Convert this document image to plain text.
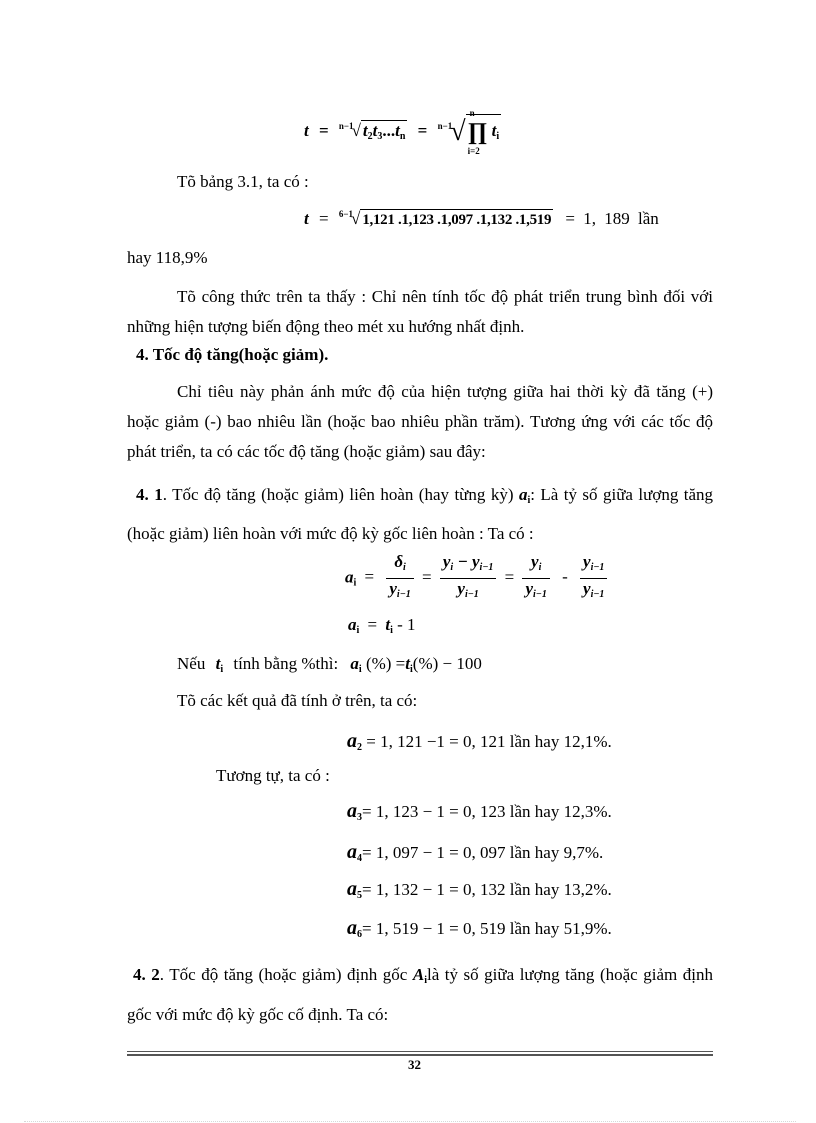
t = $^{n-1}$√ $t_2t_3...t_n = ^{n-1}√$
n
∏
i=2
$t_i$
Tõ bảng 3.1, ta có :
t = $^{6-1}$√ 1,121 .1,123 .1,097 .1,132 .1,519 = 1, 189 lần
hay 118,9%
Tõ công thức trên ta thấy : Chỉ nên tính tốc độ phát triển trung bình đối với những hiện tượng biến động theo mét xu hướng nhất định.
4. Tốc độ tăng(hoặc giảm).
Chỉ tiêu này phản ánh mức độ của hiện tượng giữa hai thời kỳ đã tăng (+) hoặc giảm (-) bao nhiêu lần (hoặc bao nhiêu phần trăm). Tương ứng với các tốc độ phát triển, ta có các tốc độ tăng (hoặc giảm) sau đây:
4. 1. Tốc độ tăng (hoặc giảm) liên hoàn (hay từng kỳ) $a_i$: Là tỷ số giữa lượng tăng (hoặc giảm) liên hoàn với mức độ kỳ gốc liên hoàn : Ta có :
$a_i = \frac{\delta_i}{y_{i-1}} = \frac{y_i - y_{i-1}}{y_{i-1}} = \frac{y_i}{y_{i-1}} - \frac{y_{i-1}}{y_{i-1}}$
$a_i = t_i - 1$
Nếu $t_i$ tính bằng %thì: $a_i$ (%) $=t_i(\%) - 100$
Tõ các kết quả đã tính ở trên, ta có:
$a_2 = 1$, 121 −1 = 0, 121 lần hay 12,1%.
Tương tự, ta có :
$a_3= 1$, 123 − 1 = 0, 123 lần hay 12,3%.
$a_4= 1$, 097 − 1 = 0, 097 lần hay 9,7%.
$a_5= 1$, 132 − 1 = 0, 132 lần hay 13,2%.
$a_6= 1$, 519 − 1 = 0, 519 lần hay 51,9%.
4. 2. Tốc độ tăng (hoặc giảm) định gốc $A_ilà$ tỷ số giữa lượng tăng (hoặc giảm định gốc với mức độ kỳ gốc cố định. Ta có:
32
